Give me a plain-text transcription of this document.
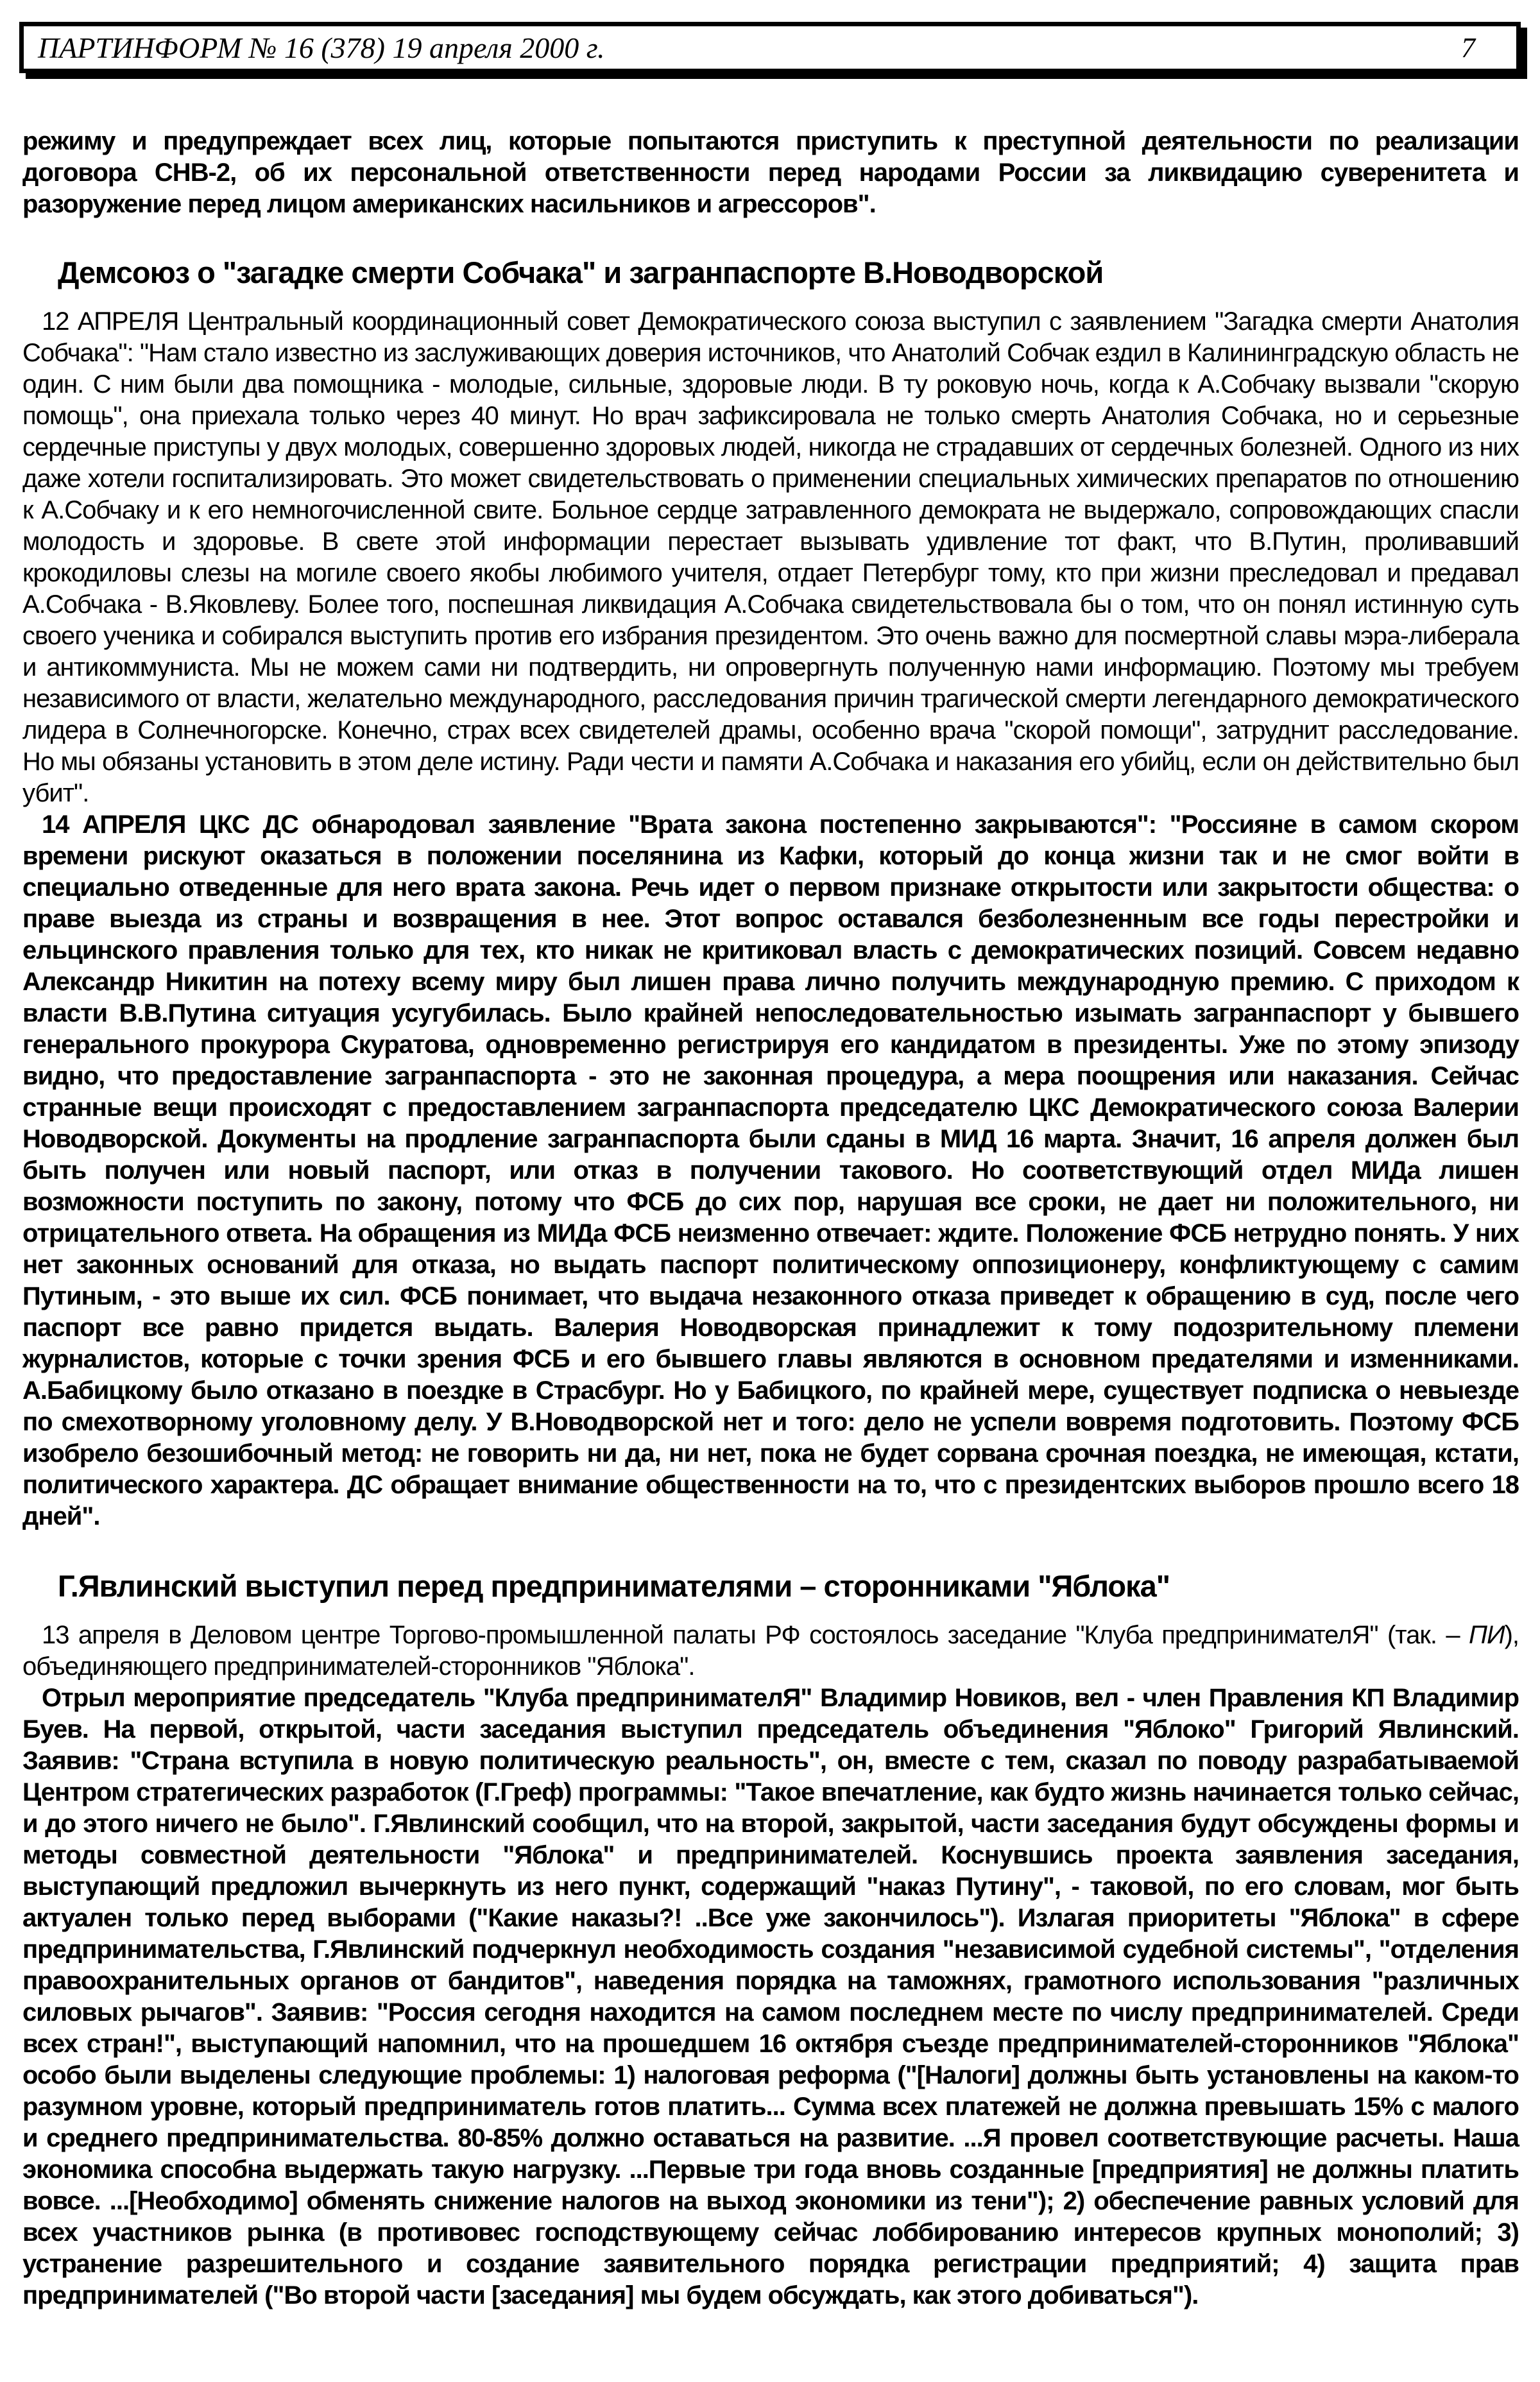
ПАРТИНФОРМ № 16 (378) 19 апреля 2000 г.	7

режиму и предупреждает всех лиц, которые попытаются приступить к преступной деятельности по реализации договора СНВ-2, об их персональной ответственности перед народами России за ликвидацию суверенитета и разоружение перед лицом американских насильников и агрессоров".

Демсоюз о "загадке смерти Собчака" и загранпаспорте В.Новодворской

12 АПРЕЛЯ Центральный координационный совет Демократического союза выступил с заявлением "Загадка смерти Анатолия Собчака": "Нам стало известно из заслуживающих доверия источников, что Анатолий Собчак ездил в Калининградскую область не один. С ним были два помощника - молодые, сильные, здоровые люди. В ту роковую ночь, когда к А.Собчаку вызвали "скорую помощь", она приехала только через 40 минут. Но врач зафиксировала не только смерть Анатолия Собчака, но и серьезные сердечные приступы у двух молодых, совершенно здоровых людей, никогда не страдавших от сердечных болезней. Одного из них даже хотели госпитализировать. Это может свидетельствовать о применении специальных химических препаратов по отношению к А.Собчаку и к его немногочисленной свите. Больное сердце затравленного демократа не выдержало, сопровождающих спасли молодость и здоровье. В свете этой информации перестает вызывать удивление тот факт, что В.Путин, проливавший крокодиловы слезы на могиле своего якобы любимого учителя, отдает Петербург тому, кто при жизни преследовал и предавал А.Собчака - В.Яковлеву. Более того, поспешная ликвидация А.Собчака свидетельствовала бы о том, что он понял истинную суть своего ученика и собирался выступить против его избрания президентом. Это очень важно для посмертной славы мэра-либерала и антикоммуниста. Мы не можем сами ни подтвердить, ни опровергнуть полученную нами информацию. Поэтому мы требуем независимого от власти, желательно международного, расследования причин трагической смерти легендарного демократического лидера в Солнечногорске. Конечно, страх всех свидетелей драмы, особенно врача "скорой помощи", затруднит расследование. Но мы обязаны установить в этом деле истину. Ради чести и памяти А.Собчака и наказания его убийц, если он действительно был убит".

14 АПРЕЛЯ ЦКС ДС обнародовал заявление "Врата закона постепенно закрываются": "Россияне в самом скором времени рискуют оказаться в положении поселянина из Кафки, который до конца жизни так и не смог войти в специально отведенные для него врата закона. Речь идет о первом признаке открытости или закрытости общества: о праве выезда из страны и возвращения в нее. Этот вопрос оставался безболезненным все годы перестройки и ельцинского правления только для тех, кто никак не критиковал власть с демократических позиций. Совсем недавно Александр Никитин на потеху всему миру был лишен права лично получить международную премию. С приходом к власти В.В.Путина ситуация усугубилась. Было крайней непоследовательностью изымать загранпаспорт у бывшего генерального прокурора Скуратова, одновременно регистрируя его кандидатом в президенты. Уже по этому эпизоду видно, что предоставление загранпаспорта - это не законная процедура, а мера поощрения или наказания. Сейчас странные вещи происходят с предоставлением загранпаспорта председателю ЦКС Демократического союза Валерии Новодворской. Документы на продление загранпаспорта были сданы в МИД 16 марта. Значит, 16 апреля должен был быть получен или новый паспорт, или отказ в получении такового. Но соответствующий отдел МИДа лишен возможности поступить по закону, потому что ФСБ до сих пор, нарушая все сроки, не дает ни положительного, ни отрицательного ответа. На обращения из МИДа ФСБ неизменно отвечает: ждите. Положение ФСБ нетрудно понять. У них нет законных оснований для отказа, но выдать паспорт политическому оппозиционеру, конфликтующему с самим Путиным, - это выше их сил. ФСБ понимает, что выдача незаконного отказа приведет к обращению в суд, после чего паспорт все равно придется выдать. Валерия Новодворская принадлежит к тому подозрительному племени журналистов, которые с точки зрения ФСБ и его бывшего главы являются в основном предателями и изменниками. А.Бабицкому было отказано в поездке в Страсбург. Но у Бабицкого, по крайней мере, существует подписка о невыезде по смехотворному уголовному делу. У В.Новодворской нет и того: дело не успели вовремя подготовить. Поэтому ФСБ изобрело безошибочный метод: не говорить ни да, ни нет, пока не будет сорвана срочная поездка, не имеющая, кстати, политического характера. ДС обращает внимание общественности на то, что с президентских выборов прошло всего 18 дней".

Г.Явлинский выступил перед предпринимателями – сторонниками "Яблока"

13 апреля в Деловом центре Торгово-промышленной палаты РФ состоялось заседание "Клуба предпринимателЯ" (так. – ПИ), объединяющего предпринимателей-сторонников "Яблока".

Отрыл мероприятие председатель "Клуба предпринимателЯ" Владимир Новиков, вел - член Правления КП Владимир Буев. На первой, открытой, части заседания выступил председатель объединения "Яблоко" Григорий Явлинский. Заявив: "Страна вступила в новую политическую реальность", он, вместе с тем, сказал по поводу разрабатываемой Центром стратегических разработок (Г.Греф) программы: "Такое впечатление, как будто жизнь начинается только сейчас, и до этого ничего не было". Г.Явлинский сообщил, что на второй, закрытой, части заседания будут обсуждены формы и методы совместной деятельности "Яблока" и предпринимателей. Коснувшись проекта заявления заседания, выступающий предложил вычеркнуть из него пункт, содержащий "наказ Путину", - таковой, по его словам, мог быть актуален только перед выборами ("Какие наказы?! ..Все уже закончилось"). Излагая приоритеты "Яблока" в сфере предпринимательства, Г.Явлинский подчеркнул необходимость создания "независимой судебной системы", "отделения правоохранительных органов от бандитов", наведения порядка на таможнях, грамотного использования "различных силовых рычагов". Заявив: "Россия сегодня находится на самом последнем месте по числу предпринимателей. Среди всех стран!", выступающий напомнил, что на прошедшем 16 октября съезде предпринимателей-сторонников "Яблока" особо были выделены следующие проблемы: 1) налоговая реформа ("[Налоги] должны быть установлены на каком-то разумном уровне, который предприниматель готов платить... Сумма всех платежей не должна превышать 15% с малого и среднего предпринимательства. 80-85% должно оставаться на развитие. ...Я провел соответствующие расчеты. Наша экономика способна выдержать такую нагрузку. ...Первые три года вновь созданные [предприятия] не должны платить вовсе. ...[Необходимо] обменять снижение налогов на выход экономики из тени"); 2) обеспечение равных условий для всех участников рынка (в противовес господствующему сейчас лоббированию интересов крупных монополий; 3) устранение разрешительного и создание заявительного порядка регистрации предприятий; 4) защита прав предпринимателей ("Во второй части [заседания] мы будем обсуждать, как этого добиваться").
